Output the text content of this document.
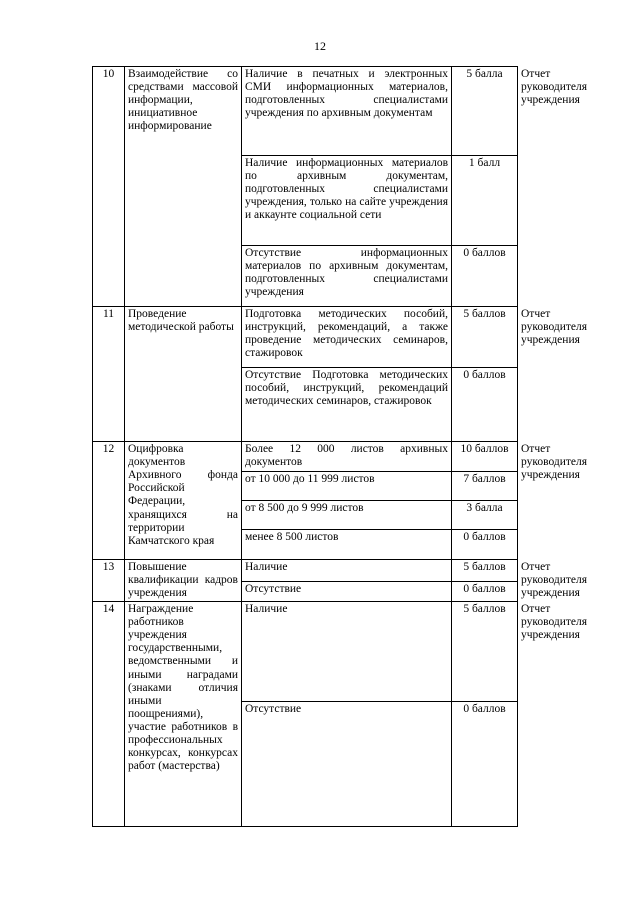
12
10	Взаимодействие со средствами массовой информации, инициативное информирование	Наличие в печатных и электронных СМИ информационных материалов, подготовленных специалистами учреждения по архивным документам	5 балла	Отчет руководителя учреждения
		Наличие информационных материалов по архивным документам, подготовленных специалистами учреждения, только на сайте учреждения и аккаунте социальной сети	1 балл	
		Отсутствие информационных материалов по архивным документам, подготовленных специалистами учреждения	0 баллов	
11	Проведение методической работы	Подготовка методических пособий, инструкций, рекомендаций, а также проведение методических семинаров, стажировок	5 баллов	Отчет руководителя учреждения
		Отсутствие Подготовка методических пособий, инструкций, рекомендаций методических семинаров, стажировок	0 баллов	
12	Оцифровка документов Архивного фонда Российской Федерации, хранящихся на территории Камчатского края	Более 12 000 листов архивных документов	10 баллов	Отчет руководителя учреждения
		от 10 000 до 11 999 листов	7 баллов	
		от 8 500 до 9 999 листов	3 балла	
		менее 8 500 листов	0 баллов	
13	Повышение квалификации кадров учреждения	Наличие	5 баллов	Отчет руководителя учреждения
		Отсутствие	0 баллов	
14	Награждение работников учреждения государственными, ведомственными и иными наградами (знаками отличия иными поощрениями), участие работников в профессиональных конкурсах, конкурсах работ (мастерства)	Наличие	5 баллов	Отчет руководителя учреждения
		Отсутствие	0 баллов	
